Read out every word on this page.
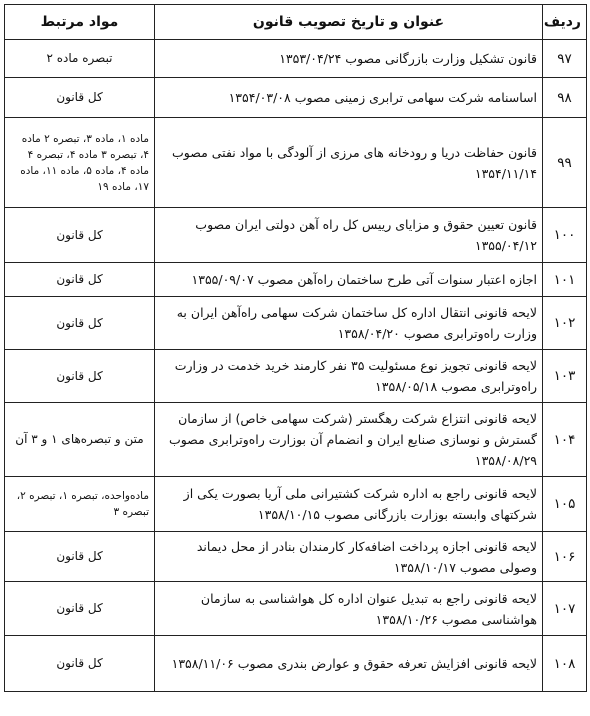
ردیف	عنوان و تاریخ تصویب قانون	مواد مرتبط
۹۷	قانون تشکیل وزارت بازرگانی مصوب ۱۳۵۳/۰۴/۲۴	تبصره ماده ۲
۹۸	اساسنامه شرکت سهامی ترابری زمینی مصوب ۱۳۵۴/۰۳/۰۸	کل قانون
۹۹	قانون حفاظت دریا و رودخانه های مرزی از آلودگی با مواد نفتی مصوب ۱۳۵۴/۱۱/۱۴	ماده ۱، ماده ۳، تبصره ۲ ماده ۴، تبصره ۳ ماده ۴، تبصره ۴ ماده ۴، ماده ۵، ماده ۱۱، ماده ۱۷، ماده ۱۹
۱۰۰	قانون تعیین حقوق و مزایای رییس کل راه آهن دولتی ایران مصوب ۱۳۵۵/۰۴/۱۲	کل قانون
۱۰۱	اجازه اعتبار سنوات آتی طرح ساختمان راه‌آهن مصوب ۱۳۵۵/۰۹/۰۷	کل قانون
۱۰۲	لایحه قانونی انتقال اداره کل ساختمان شرکت سهامی راه‌آهن ایران به وزارت راه‌وترابری مصوب ۱۳۵۸/۰۴/۲۰	کل قانون
۱۰۳	لایحه قانونی تجویز نوع مسئولیت ۳۵ نفر کارمند خرید خدمت در وزارت راه‌وترابری مصوب ۱۳۵۸/۰۵/۱۸	کل قانون
۱۰۴	لایحه قانونی انتزاع شرکت رهگستر (شرکت سهامی خاص) از سازمان گسترش و نوسازی صنایع ایران و انضمام آن بوزارت راه‌وترابری مصوب ۱۳۵۸/۰۸/۲۹	متن و تبصره‌های ۱ و ۳ آن
۱۰۵	لایحه قانونی راجع به اداره شرکت کشتیرانی ملی آریا بصورت یکی از شرکتهای وابسته بوزارت بازرگانی مصوب ۱۳۵۸/۱۰/۱۵	ماده‌واحده، تبصره ۱، تبصره ۲، تبصره ۳
۱۰۶	لایحه قانونی اجازه پرداخت اضافه‌کار کارمندان بنادر از محل دیماند وصولی مصوب ۱۳۵۸/۱۰/۱۷	کل قانون
۱۰۷	لایحه قانونی راجع به تبدیل عنوان اداره کل هواشناسی به سازمان هواشناسی مصوب ۱۳۵۸/۱۰/۲۶	کل قانون
۱۰۸	لایحه قانونی افزایش تعرفه حقوق و عوارض بندری مصوب ۱۳۵۸/۱۱/۰۶	کل قانون
